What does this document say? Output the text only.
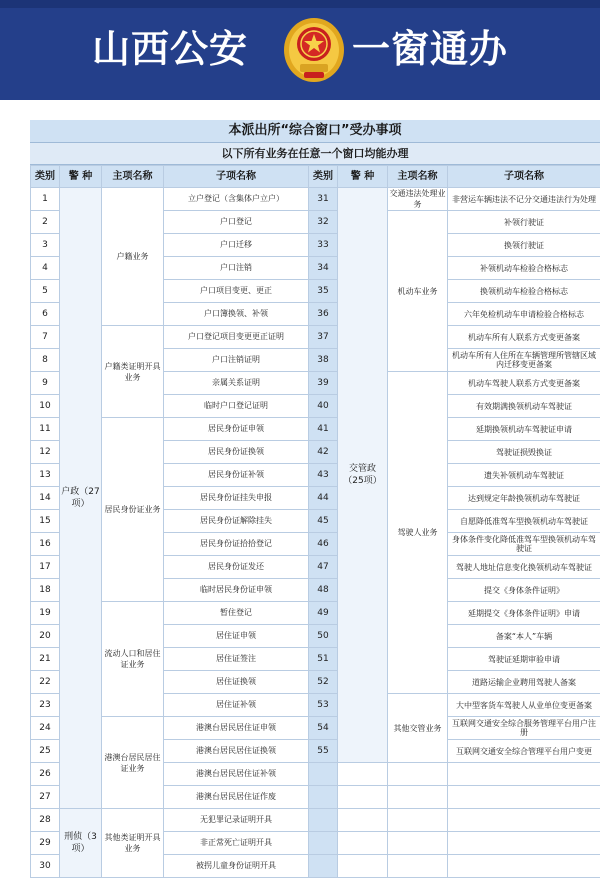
山西公安	一窗通办
本派出所“综合窗口”受办事项
以下所有业务在任意一个窗口均能办理
类别	警 种	主项名称	子项名称	类别	警 种	主项名称	子项名称
1	户政（27项）	户籍业务	立户登记（含集体户立户）	31	交管政（25项）	交通违法处理业务	非营运车辆违法不记分交通违法行为处理
2			户口登记	32		机动车业务	补领行驶证
3			户口迁移	33			换领行驶证
4			户口注销	34			补领机动车检验合格标志
5			户口项目变更、更正	35			换领机动车检验合格标志
6			户口簿换领、补领	36			六年免检机动车申请检验合格标志
7		户籍类证明开具业务	户口登记项目变更更正证明	37			机动车所有人联系方式变更备案
8			户口注销证明	38			机动车所有人住所在车辆管理所管辖区域内迁移变更备案
9			亲属关系证明	39		驾驶人业务	机动车驾驶人联系方式变更备案
10			临时户口登记证明	40			有效期满换领机动车驾驶证
11		居民身份证业务	居民身份证申领	41			延期换领机动车驾驶证申请
12			居民身份证换领	42			驾驶证损毁换证
13			居民身份证补领	43			遗失补领机动车驾驶证
14			居民身份证挂失申报	44			达到规定年龄换领机动车驾驶证
15			居民身份证解除挂失	45			自愿降低准驾车型换领机动车驾驶证
16			居民身份证拾拾登记	46			身体条件变化降低准驾车型换领机动车驾驶证
17			居民身份证发还	47			驾驶人地址信息变化换领机动车驾驶证
18			临时居民身份证申领	48			提交《身体条件证明》
19		流动人口和居住证业务	暂住登记	49			延期提交《身体条件证明》申请
20			居住证申领	50			备案“本人”车辆
21			居住证签注	51			驾驶证延期审验申请
22			居住证换领	52			道路运输企业聘用驾驶人备案
23			居住证补领	53		其他交管业务	大中型客货车驾驶人从业单位变更备案
24		港澳台居民居住证业务	港澳台居民居住证申领	54			互联网交通安全综合服务管理平台用户注册
25			港澳台居民居住证换领	55			互联网交通安全综合管理平台用户变更
26			港澳台居民居住证补领				
27			港澳台居民居住证作废				
28	刑侦（3项）	其他类证明开具业务	无犯罪记录证明开具				
29			非正常死亡证明开具				
30			被拐儿童身份证明开具				
